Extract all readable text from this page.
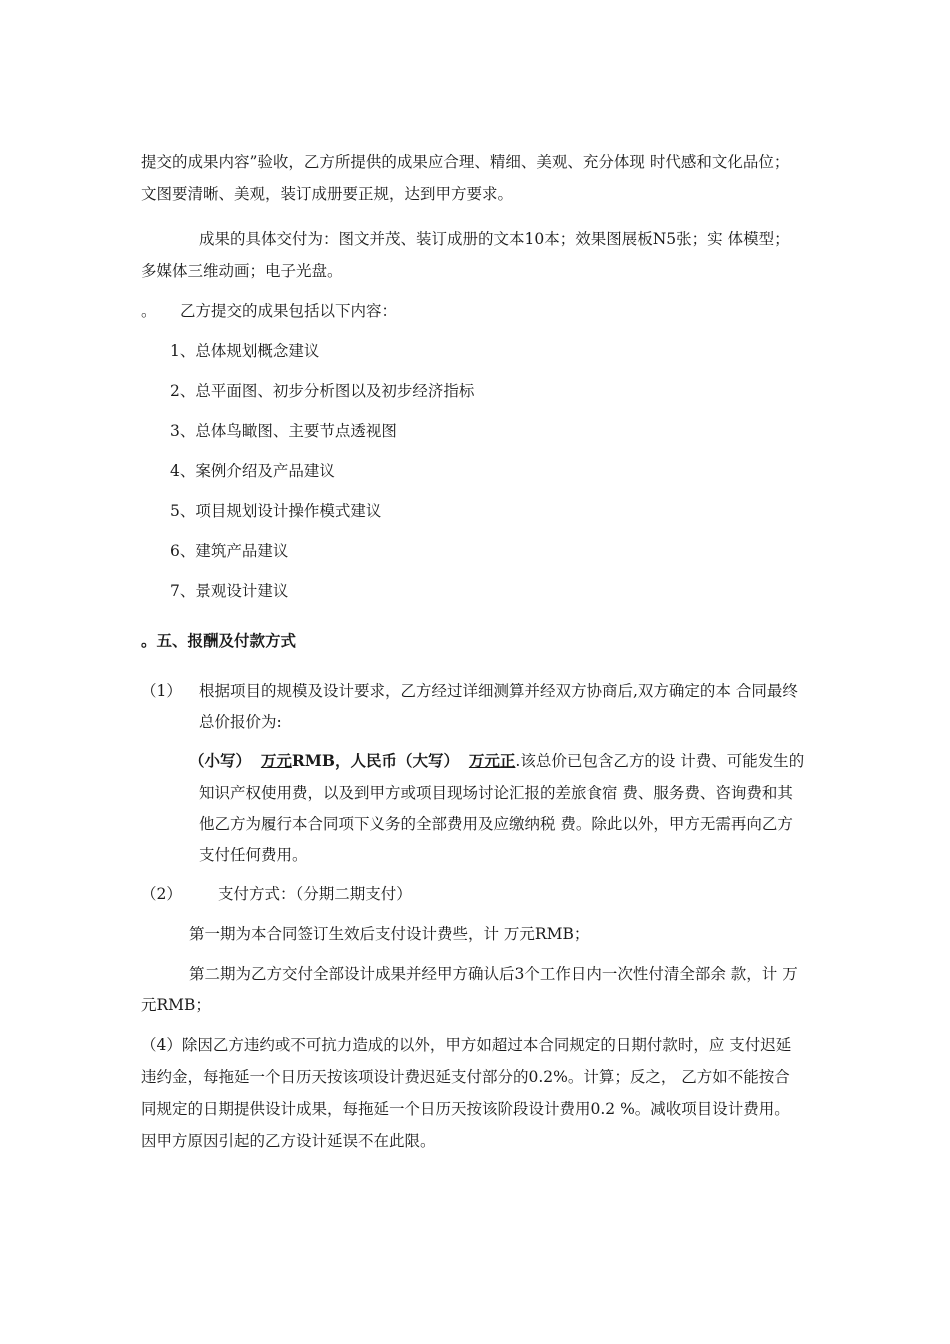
提交的成果内容”验收，乙方所提供的成果应合理、精细、美观、充分体现 时代感和文化品位；
文图要清晰、美观，装订成册要正规，达到甲方要求。
成果的具体交付为：图文并茂、装订成册的文本10本；效果图展板N5张；实 体模型；
多媒体三维动画；电子光盘。
。 乙方提交的成果包括以下内容：
1、总体规划概念建议
2、总平面图、初步分析图以及初步经济指标
3、总体鸟瞰图、主要节点透视图
4、案例介绍及产品建议
5、项目规划设计操作模式建议
6、建筑产品建议
7、景观设计建议
。五、报酬及付款方式
（1） 根据项目的规模及设计要求，乙方经过详细测算并经双方协商后,双方确定的本 合同最终
总价报价为:
（小写） 万元RMB，人民币（大写） 万元正.该总价已包含乙方的设 计费、可能发生的
知识产权使用费，以及到甲方或项目现场讨论汇报的差旅食宿 费、服务费、咨询费和其
他乙方为履行本合同项下义务的全部费用及应缴纳税 费。除此以外，甲方无需再向乙方
支付任何费用。
（2） 支付方式：（分期二期支付）
第一期为本合同签订生效后支付设计费些，计 万元RMB；
第二期为乙方交付全部设计成果并经甲方确认后3个工作日内一次性付清全部余 款，计 万
元RMB；
（4）除因乙方违约或不可抗力造成的以外，甲方如超过本合同规定的日期付款时，应 支付迟延
违约金，每拖延一个日历天按该项设计费迟延支付部分的0.2%。计算；反之， 乙方如不能按合
同规定的日期提供设计成果，每拖延一个日历天按该阶段设计费用0.2 %。减收项目设计费用。
因甲方原因引起的乙方设计延误不在此限。
